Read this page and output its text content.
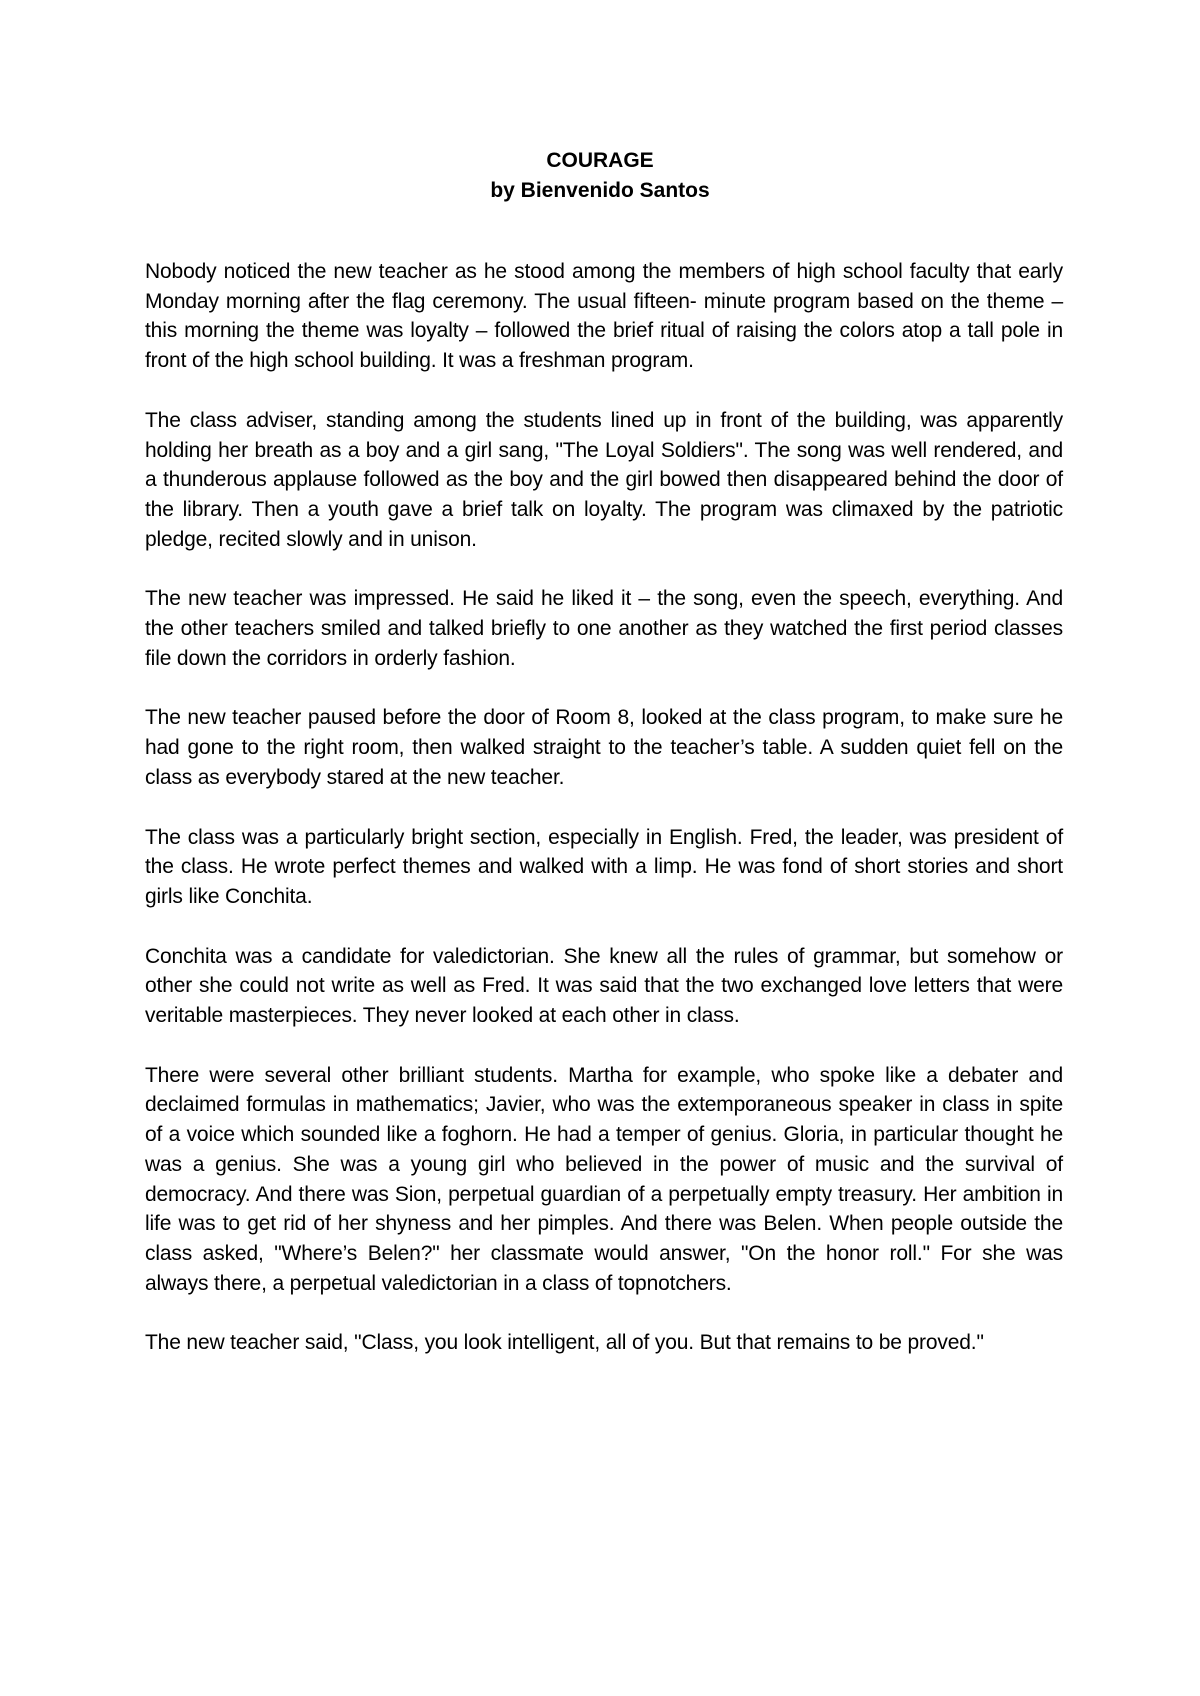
COURAGE
by Bienvenido Santos

Nobody noticed the new teacher as he stood among the members of high school faculty that early Monday morning after the flag ceremony. The usual fifteen- minute program based on the theme – this morning the theme was loyalty – followed the brief ritual of raising the colors atop a tall pole in front of the high school building. It was a freshman program.

The class adviser, standing among the students lined up in front of the building, was apparently holding her breath as a boy and a girl sang, "The Loyal Soldiers". The song was well rendered, and a thunderous applause followed as the boy and the girl bowed then disappeared behind the door of the library. Then a youth gave a brief talk on loyalty. The program was climaxed by the patriotic pledge, recited slowly and in unison.

The new teacher was impressed. He said he liked it – the song, even the speech, everything. And the other teachers smiled and talked briefly to one another as they watched the first period classes file down the corridors in orderly fashion.

The new teacher paused before the door of Room 8, looked at the class program, to make sure he had gone to the right room, then walked straight to the teacher’s table. A sudden quiet fell on the class as everybody stared at the new teacher.

The class was a particularly bright section, especially in English. Fred, the leader, was president of the class. He wrote perfect themes and walked with a limp. He was fond of short stories and short girls like Conchita.

Conchita was a candidate for valedictorian. She knew all the rules of grammar, but somehow or other she could not write as well as Fred. It was said that the two exchanged love letters that were veritable masterpieces. They never looked at each other in class.

There were several other brilliant students. Martha for example, who spoke like a debater and declaimed formulas in mathematics; Javier, who was the extemporaneous speaker in class in spite of a voice which sounded like a foghorn. He had a temper of genius. Gloria, in particular thought he was a genius. She was a young girl who believed in the power of music and the survival of democracy. And there was Sion, perpetual guardian of a perpetually empty treasury. Her ambition in life was to get rid of her shyness and her pimples. And there was Belen. When people outside the class asked, "Where’s Belen?" her classmate would answer, "On the honor roll." For she was always there, a perpetual valedictorian in a class of topnotchers.

The new teacher said, "Class, you look intelligent, all of you. But that remains to be proved."
